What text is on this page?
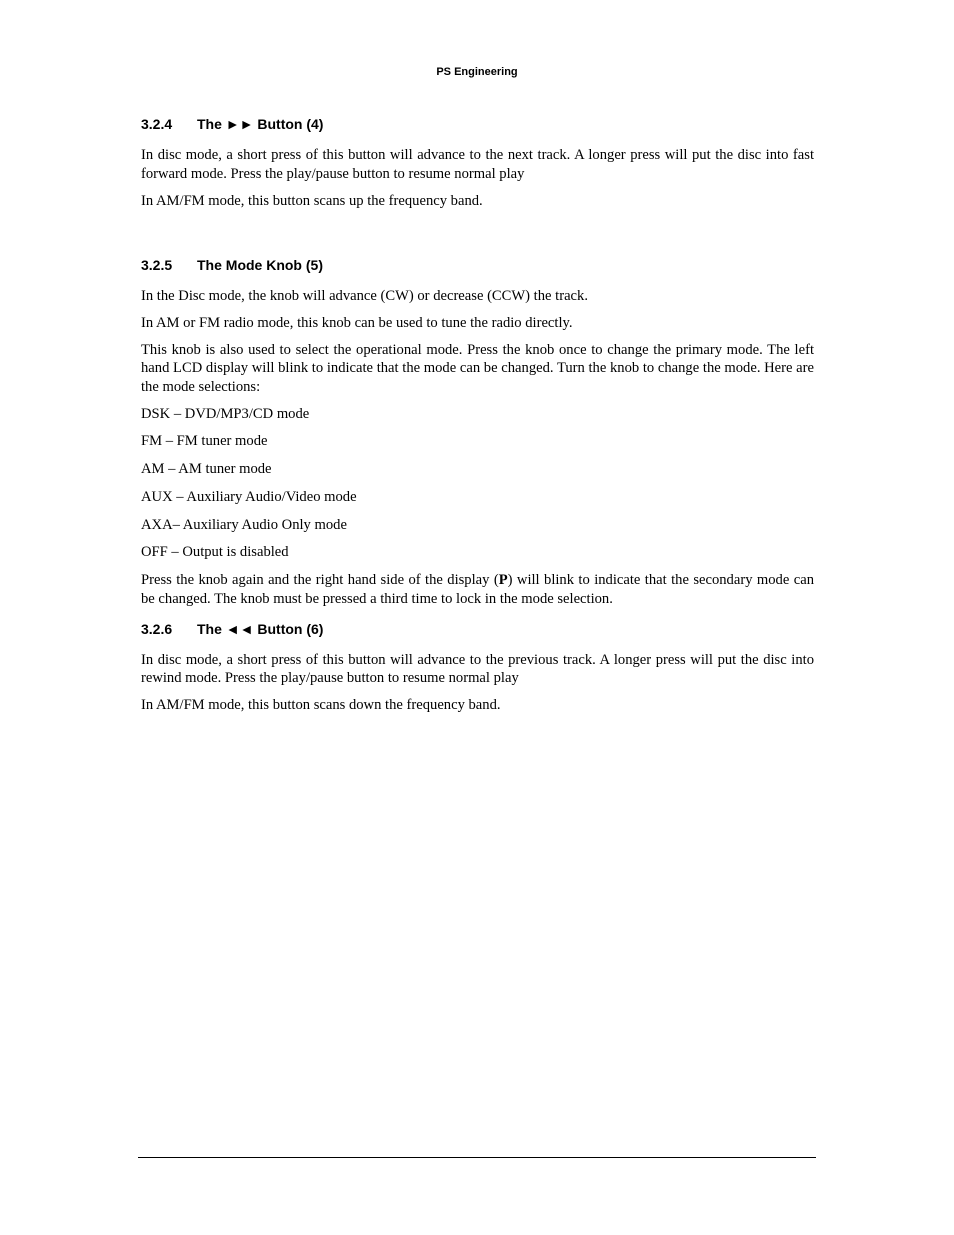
PS Engineering
3.2.4 The ►► Button (4)

In disc mode, a short press of this button will advance to the next track. A longer press will put the disc into fast forward mode. Press the play/pause button to resume normal play

In AM/FM mode, this button scans up the frequency band.

3.2.5 The Mode Knob (5)

In the Disc mode, the knob will advance (CW) or decrease (CCW) the track.

In AM or FM radio mode, this knob can be used to tune the radio directly.

This knob is also used to select the operational mode. Press the knob once to change the primary mode. The left hand LCD display will blink to indicate that the mode can be changed. Turn the knob to change the mode. Here are the mode selections:

DSK – DVD/MP3/CD mode

FM – FM tuner mode

AM – AM tuner mode

AUX – Auxiliary Audio/Video mode

AXA– Auxiliary Audio Only mode

OFF – Output is disabled

Press the knob again and the right hand side of the display (P) will blink to indicate that the secondary mode can be changed. The knob must be pressed a third time to lock in the mode selection.

3.2.6 The ◄◄ Button (6)

In disc mode, a short press of this button will advance to the previous track. A longer press will put the disc into rewind mode. Press the play/pause button to resume normal play

In AM/FM mode, this button scans down the frequency band.
